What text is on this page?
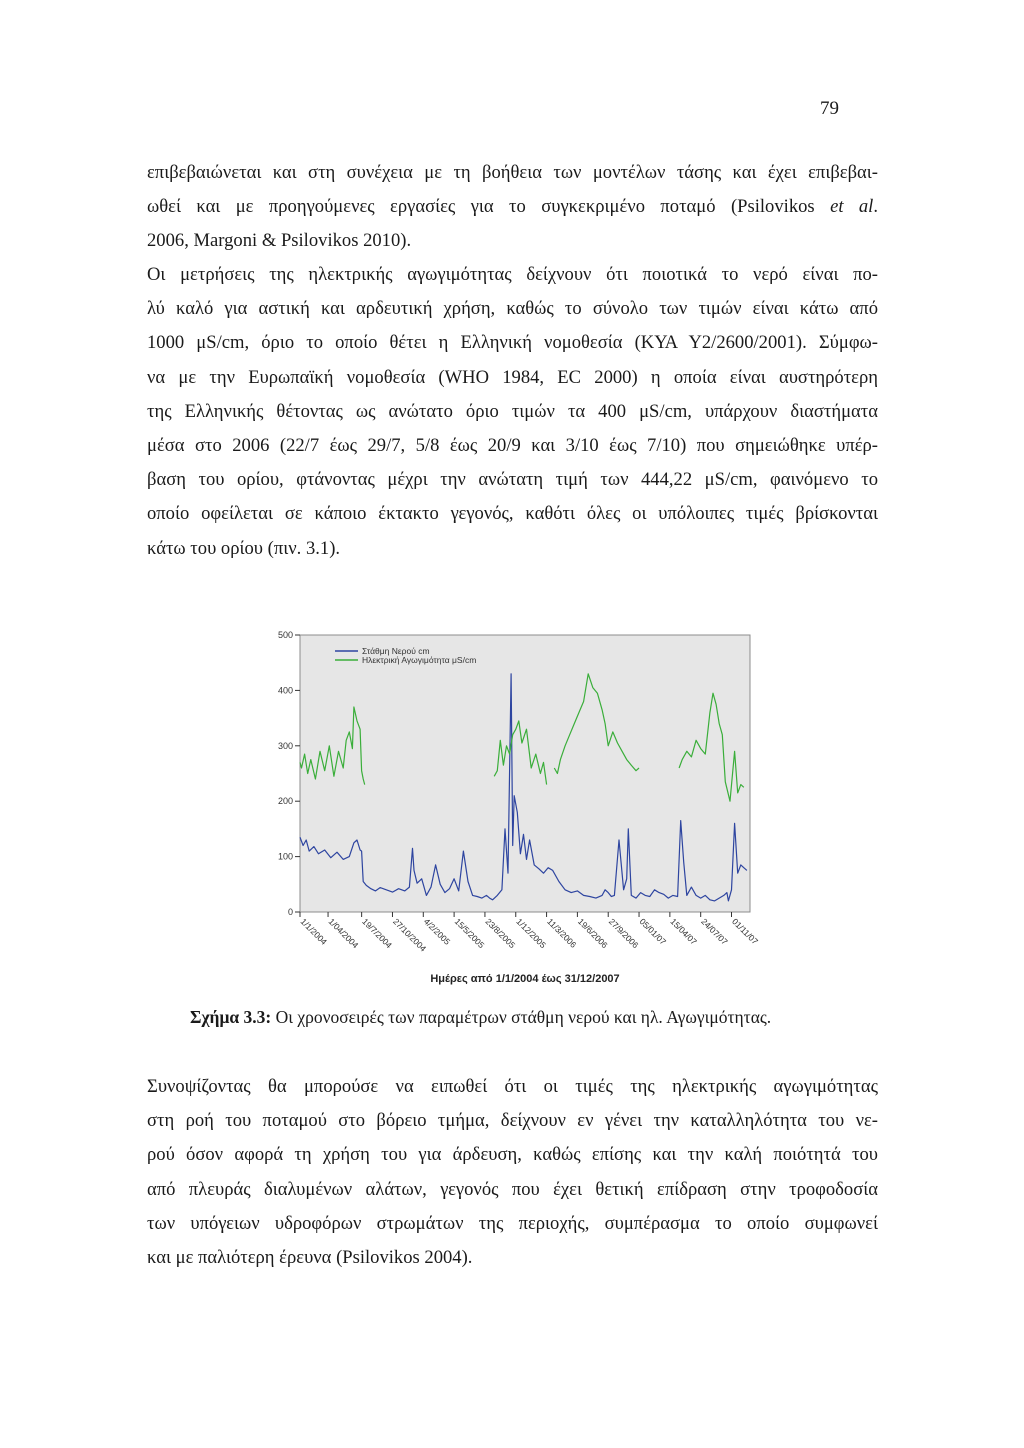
79

επιβεβαιώνεται και στη συνέχεια με τη βοήθεια των μοντέλων τάσης και έχει επιβεβαι-
ωθεί και με προηγούμενες εργασίες για το συγκεκριμένο ποταμό (Psilovikos et al.
2006, Margoni & Psilovikos 2010).

Οι μετρήσεις της ηλεκτρικής αγωγιμότητας δείχνουν ότι ποιοτικά το νερό είναι πο-
λύ καλό για αστική και αρδευτική χρήση, καθώς το σύνολο των τιμών είναι κάτω από
1000 μS/cm, όριο το οποίο θέτει η Ελληνική νομοθεσία (ΚΥΑ Υ2/2600/2001). Σύμφω-
να με την Ευρωπαϊκή νομοθεσία (WHO 1984, EC 2000) η οποία είναι αυστηρότερη
της Ελληνικής θέτοντας ως ανώτατο όριο τιμών τα 400 μS/cm, υπάρχουν διαστήματα
μέσα στο 2006 (22/7 έως 29/7, 5/8 έως 20/9 και 3/10 έως 7/10) που σημειώθηκε υπέρ-
βαση του ορίου, φτάνοντας μέχρι την ανώτατη τιμή των 444,22 μS/cm, φαινόμενο το
οποίο οφείλεται σε κάποιο έκτακτο γεγονός, καθότι όλες οι υπόλοιπες τιμές βρίσκονται
κάτω του ορίου (πιν. 3.1).

0
100
200
300
400
500
1/1/2004
1/04/2004 19/7/2004
27/10/2004
4/2/2005 15/5/2005
23/8/2005
1/12/2005
11/3/2006
19/6/2006
27/9/2006
05/01/07 15/04/07 24/07/07 01/11/07
Στάθμη Νερού cm
Ηλεκτρική Αγωγιμότητα μS/cm
Ημέρες από 1/1/2004 έως 31/12/2007
Σχήμα 3.3: Οι χρονοσειρές των παραμέτρων στάθμη νερού και ηλ. Αγωγιμότητας.

Συνοψίζοντας θα μπορούσε να ειπωθεί ότι οι τιμές της ηλεκτρικής αγωγιμότητας
στη ροή του ποταμού στο βόρειο τμήμα, δείχνουν εν γένει την καταλληλότητα του νε-
ρού όσον αφορά τη χρήση του για άρδευση, καθώς επίσης και την καλή ποιότητά του
από πλευράς διαλυμένων αλάτων, γεγονός που έχει θετική επίδραση στην τροφοδοσία
των υπόγειων υδροφόρων στρωμάτων της περιοχής, συμπέρασμα το οποίο συμφωνεί
και με παλιότερη έρευνα (Psilovikos 2004).
